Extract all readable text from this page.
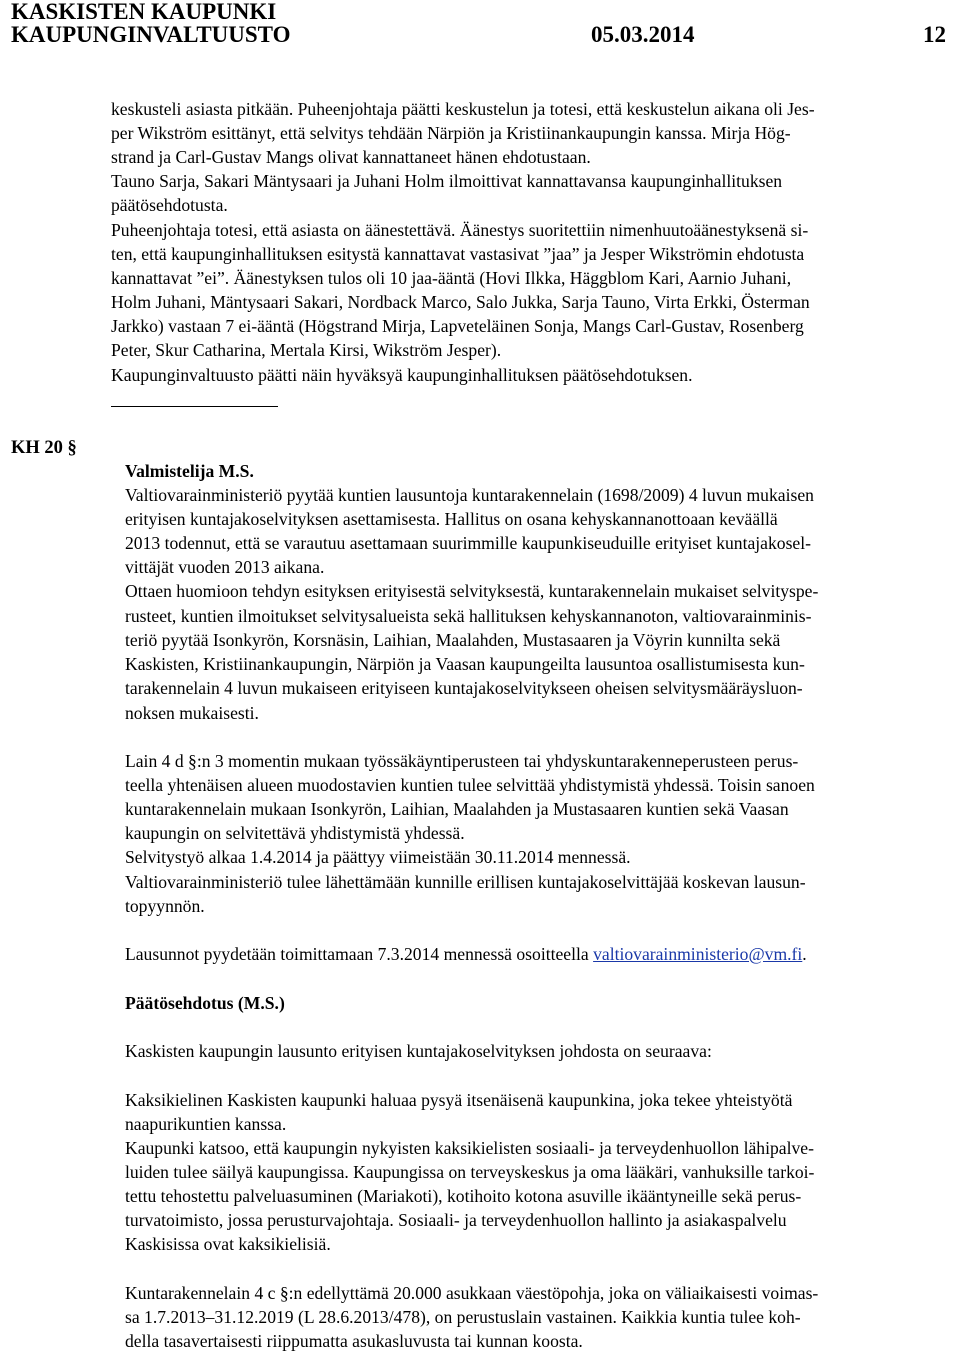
KASKISTEN KAUPUNKI
KAUPUNGINVALTUUSTO	05.03.2014	12
keskusteli asiasta pitkään. Puheenjohtaja päätti keskustelun ja totesi, että keskustelun aikana oli Jes-
per Wikström esittänyt, että selvitys tehdään Närpiön ja Kristiinankaupungin kanssa. Mirja Hög-
strand ja Carl-Gustav Mangs olivat kannattaneet hänen ehdotustaan.
Tauno Sarja, Sakari Mäntysaari ja Juhani Holm ilmoittivat kannattavansa kaupunginhallituksen
päätösehdotusta.
Puheenjohtaja totesi, että asiasta on äänestettävä. Äänestys suoritettiin nimenhuutoäänestyksenä si-
ten, että kaupunginhallituksen esitystä kannattavat vastasivat ”jaa” ja Jesper Wikströmin ehdotusta
kannattavat ”ei”. Äänestyksen tulos oli 10 jaa-ääntä (Hovi Ilkka, Häggblom Kari, Aarnio Juhani,
Holm Juhani, Mäntysaari Sakari, Nordback Marco, Salo Jukka, Sarja Tauno, Virta Erkki, Österman
Jarkko) vastaan 7 ei-ääntä (Högstrand Mirja, Lapveteläinen Sonja, Mangs Carl-Gustav, Rosenberg
Peter, Skur Catharina, Mertala Kirsi, Wikström Jesper).
Kaupunginvaltuusto päätti näin hyväksyä kaupunginhallituksen päätösehdotuksen.
KH 20 §
Valmistelija M.S.
Valtiovarainministeriö pyytää kuntien lausuntoja kuntarakennelain (1698/2009) 4 luvun mukaisen
erityisen kuntajakoselvityksen asettamisesta. Hallitus on osana kehyskannanottoaan keväällä
2013 todennut, että se varautuu asettamaan suurimmille kaupunkiseuduille erityiset kuntajakosel-
vittäjät vuoden 2013 aikana.
Ottaen huomioon tehdyn esityksen erityisestä selvityksestä, kuntarakennelain mukaiset selvityspe-
rusteet, kuntien ilmoitukset selvitysalueista sekä hallituksen kehyskannanoton, valtiovarainminis-
teriö pyytää Isonkyrön, Korsnäsin, Laihian, Maalahden, Mustasaaren ja Vöyrin kunnilta sekä
Kaskisten, Kristiinankaupungin, Närpiön ja Vaasan kaupungeilta lausuntoa osallistumisesta kun-
tarakennelain 4 luvun mukaiseen erityiseen kuntajakoselvitykseen oheisen selvitysmääräysluon-
noksen mukaisesti.
Lain 4 d §:n 3 momentin mukaan työssäkäyntiperusteen tai yhdyskuntarakenneperusteen perus-
teella yhtenäisen alueen muodostavien kuntien tulee selvittää yhdistymistä yhdessä. Toisin sanoen
kuntarakennelain mukaan Isonkyrön, Laihian, Maalahden ja Mustasaaren kuntien sekä Vaasan
kaupungin on selvitettävä yhdistymistä yhdessä.
Selvitystyö alkaa 1.4.2014 ja päättyy viimeistään 30.11.2014 mennessä.
Valtiovarainministeriö tulee lähettämään kunnille erillisen kuntajakoselvittäjää koskevan lausun-
topyynnön.
Lausunnot pyydetään toimittamaan 7.3.2014 mennessä osoitteella valtiovarainministerio@vm.fi.
Päätösehdotus (M.S.)
Kaskisten kaupungin lausunto erityisen kuntajakoselvityksen johdosta on seuraava:
Kaksikielinen Kaskisten kaupunki haluaa pysyä itsenäisenä kaupunkina, joka tekee yhteistyötä
naapurikuntien kanssa.
Kaupunki katsoo, että kaupungin nykyisten kaksikielisten sosiaali- ja terveydenhuollon lähipalve-
luiden tulee säilyä kaupungissa. Kaupungissa on terveyskeskus ja oma lääkäri, vanhuksille tarkoi-
tettu tehostettu palveluasuminen (Mariakoti), kotihoito kotona asuville ikääntyneille sekä perus-
turvatoimisto, jossa perusturvajohtaja. Sosiaali- ja terveydenhuollon hallinto ja asiakaspalvelu
Kaskisissa ovat kaksikielisiä.
Kuntarakennelain 4 c §:n edellyttämä 20.000 asukkaan väestöpohja, joka on väliaikaisesti voimas-
sa 1.7.2013–31.12.2019 (L 28.6.2013/478), on perustuslain vastainen. Kaikkia kuntia tulee koh-
della tasavertaisesti riippumatta asukasluvusta tai kunnan koosta.
